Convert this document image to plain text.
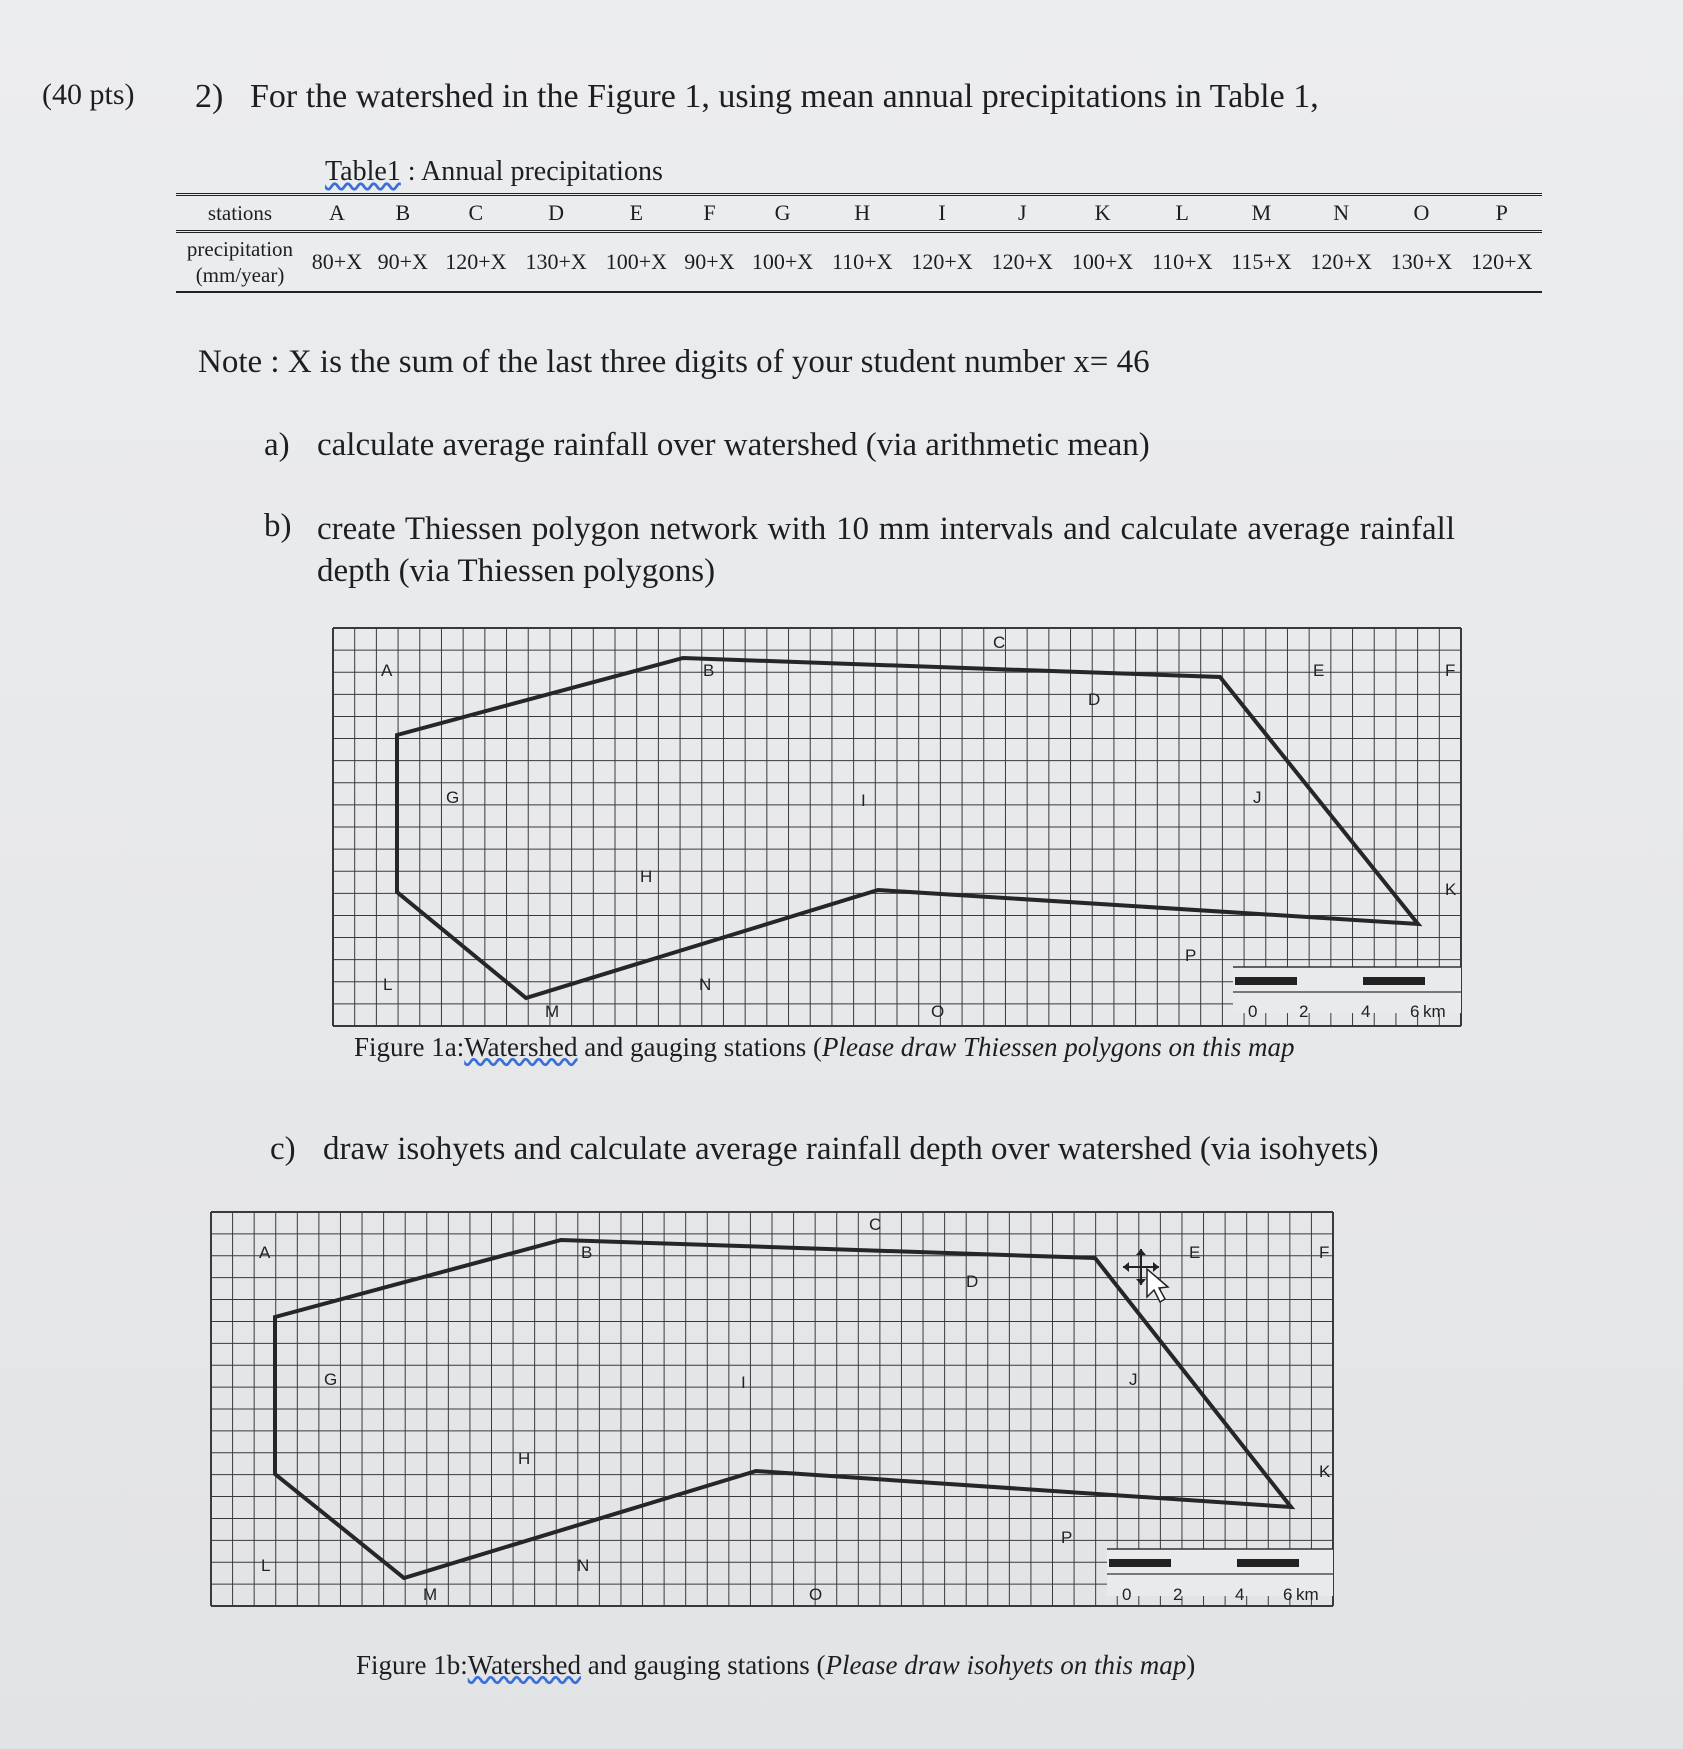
(40 pts) 2) For the watershed in the Figure 1, using mean annual precipitations in Table 1,
Table1 : Annual precipitations
stations	A	B	C	D	E	F	G	H	I	J	K	L	M	N	O	P

precipitation
(mm/year)	80+X	90+X	120+X	130+X	100+X	90+X	100+X	110+X	120+X	120+X	100+X	110+X	115+X	120+X	130+X	120+X
Note : X is the sum of the last three digits of your student number x= 46
a) calculate average rainfall over watershed (via arithmetic mean)
b) create Thiessen polygon network with 10 mm intervals and calculate average rainfall depth (via Thiessen polygons)
0 2	4 6 km
A	B
C
D
E	F
G
H
I	J
K
L
M
N
O
P
Figure 1a:Watershed and gauging stations (Please draw Thiessen polygons on this map
c) draw isohyets and calculate average rainfall depth over watershed (via isohyets)
0 2	4 6 km
A	B
C
D
E	F
G
H
I	J
K
L
M
N
O
P
Figure 1b:Watershed and gauging stations (Please draw isohyets on this map)
